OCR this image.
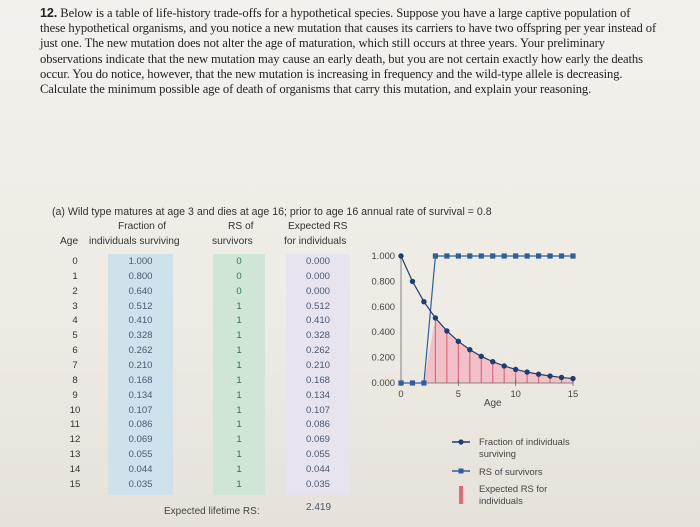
12. Below is a table of life-history trade-offs for a hypothetical species. Suppose you have a large captive population of these hypothetical organisms, and you notice a new mutation that causes its carriers to have two offspring per year instead of just one. The new mutation does not alter the age of maturation, which still occurs at three years. Your preliminary observations indicate that the new mutation may cause an early death, but you are not certain exactly how early the deaths occur. You do notice, however, that the new mutation is increasing in frequency and the wild-type allele is decreasing. Calculate the minimum possible age of death of organisms that carry this mutation, and explain your reasoning.
(a) Wild type matures at age 3 and dies at age 16; prior to age 16 annual rate of survival = 0.8
Fraction of
Age individuals surviving
RS of
survivors
Expected RS
for individuals
0	1.000	0	0.000
1	0.800	0	0.000
2	0.640	0	0.000
3	0.512	1	0.512
4	0.410	1	0.410
5	0.328	1	0.328
6	0.262	1	0.262
7	0.210	1	0.210
8	0.168	1	0.168
9	0.134	1	0.134
10	0.107	1	0.107
11	0.086	1	0.086
12	0.069	1	0.069
13	0.055	1	0.055
14	0.044	1	0.044
15	0.035	1	0.035
Expected lifetime RS:	2.419
0.000
0.200
0.400
0.600
0.800
1.000
0	5	10	15
Age
Fraction of individuals surviving
RS of survivors
Expected RS for individuals
